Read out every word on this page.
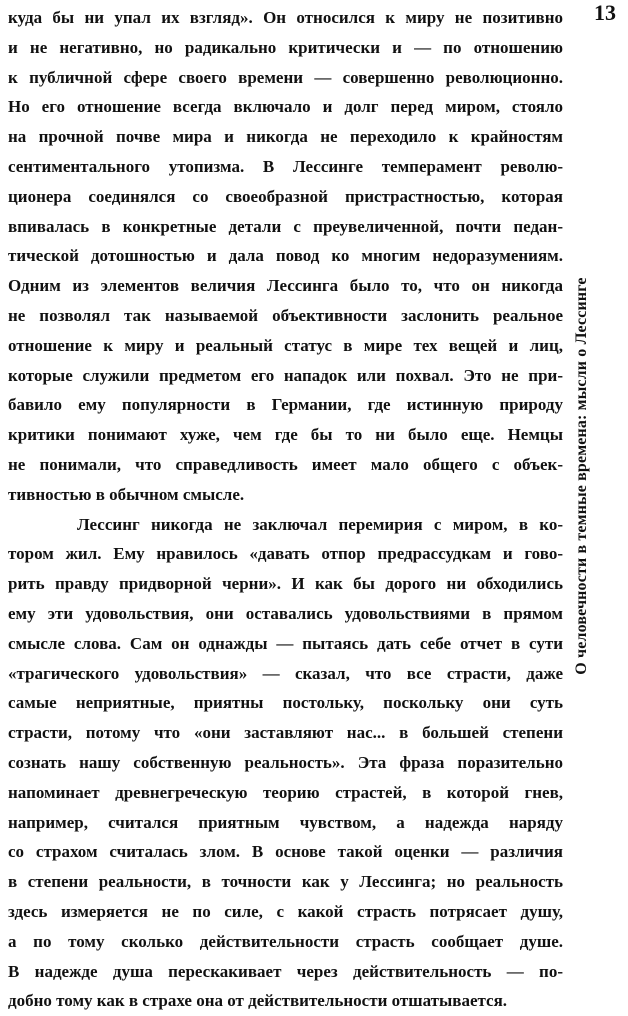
13
О человечности в темные времена: мысли о Лессинге
куда бы ни упал их взгляд». Он относился к миру не позитивно
и не негативно, но радикально критически и — по отношению
к публичной сфере своего времени — совершенно революционно.
Но его отношение всегда включало и долг перед миром, стояло
на прочной почве мира и никогда не переходило к крайностям
сентиментального утопизма. В Лессинге темперамент револю-
ционера соединялся со своеобразной пристрастностью, которая
впивалась в конкретные детали с преувеличенной, почти педан-
тической дотошностью и дала повод ко многим недоразумениям.
Одним из элементов величия Лессинга было то, что он никогда
не позволял так называемой объективности заслонить реальное
отношение к миру и реальный статус в мире тех вещей и лиц,
которые служили предметом его нападок или похвал. Это не при-
бавило ему популярности в Германии, где истинную природу
критики понимают хуже, чем где бы то ни было еще. Немцы
не понимали, что справедливость имеет мало общего с объек-
тивностью в обычном смысле.
Лессинг никогда не заключал перемирия с миром, в ко-
тором жил. Ему нравилось «давать отпор предрассудкам и гово-
рить правду придворной черни». И как бы дорого ни обходились
ему эти удовольствия, они оставались удовольствиями в прямом
смысле слова. Сам он однажды — пытаясь дать себе отчет в сути
«трагического удовольствия» — сказал, что все страсти, даже
самые неприятные, приятны постольку, поскольку они суть
страсти, потому что «они заставляют нас... в большей степени
сознать нашу собственную реальность». Эта фраза поразительно
напоминает древнегреческую теорию страстей, в которой гнев,
например, считался приятным чувством, а надежда наряду
со страхом считалась злом. В основе такой оценки — различия
в степени реальности, в точности как у Лессинга; но реальность
здесь измеряется не по силе, с какой страсть потрясает душу,
а по тому сколько действительности страсть сообщает душе.
В надежде душа перескакивает через действительность — по-
добно тому как в страхе она от действительности отшатывается.
